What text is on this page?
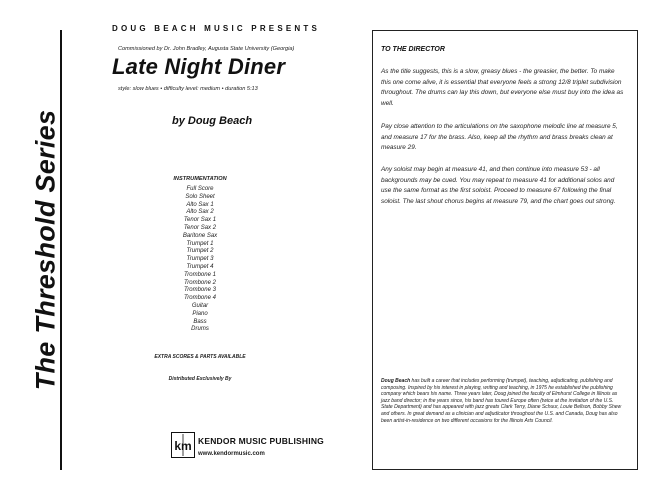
The Threshold Series
DOUG BEACH MUSIC PRESENTS
Commissioned by Dr. John Bradley, Augusta State University (Georgia)
Late Night Diner
style: slow blues • difficulty level: medium • duration 5:13
by Doug Beach
INSTRUMENTATION
Full Score
Solo Sheet
Alto Sax 1
Alto Sax 2
Tenor Sax 1
Tenor Sax 2
Baritone Sax
Trumpet 1
Trumpet 2
Trumpet 3
Trumpet 4
Trombone 1
Trombone 2
Trombone 3
Trombone 4
Guitar
Piano
Bass
Drums
EXTRA SCORES & PARTS AVAILABLE
Distributed Exclusively By
km KENDOR MUSIC PUBLISHING
www.kendormusic.com
TO THE DIRECTOR

As the title suggests, this is a slow, greasy blues - the greasier, the better. To make this one come alive, it is essential that everyone feels a strong 12/8 triplet subdivision throughout. The drums can lay this down, but everyone else must buy into the idea as well.

Pay close attention to the articulations on the saxophone melodic line at measure 5, and measure 17 for the brass. Also, keep all the rhythm and brass breaks clean at measure 29.

Any soloist may begin at measure 41, and then continue into measure 53 - all backgrounds may be cued. You may repeat to measure 41 for additional solos and use the same format as the first soloist. Proceed to measure 67 following the final soloist. The last shout chorus begins at measure 79, and the chart goes out strong.

Doug Beach has built a career that includes performing (trumpet), teaching, adjudicating, publishing and composing. Inspired by his interest in playing, writing and teaching, in 1975 he established the publishing company which bears his name. Three years later, Doug joined the faculty of Elmhurst College in Illinois as jazz band director; in the years since, his band has toured Europe often (twice at the invitation of the U.S. State Department) and has appeared with jazz greats Clark Terry, Diane Schuur, Louie Bellson, Bobby Shew and others. In great demand as a clinician and adjudicator throughout the U.S. and Canada, Doug has also been artist-in-residence on two different occasions for the Illinois Arts Council.
